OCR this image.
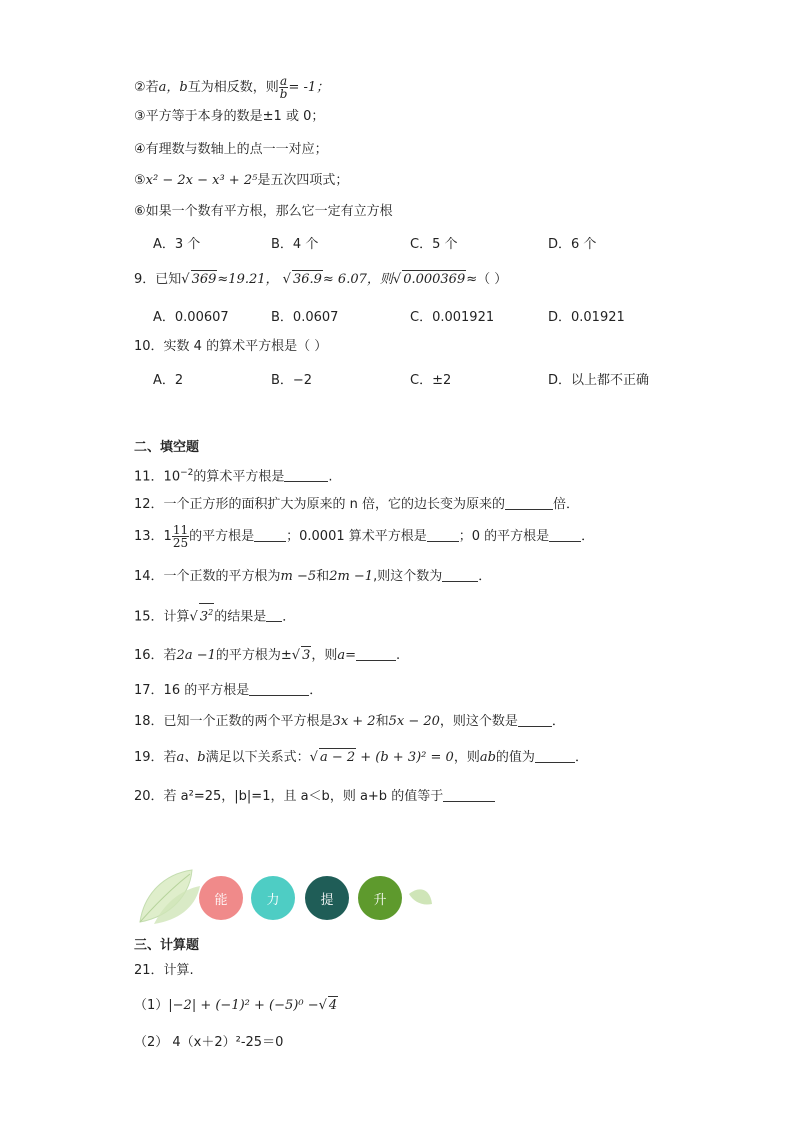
②若a，b互为相反数，则 $\frac{a}{b} = -1$；
③平方等于本身的数是±1 或 0；
④有理数与数轴上的点一一对应；
⑤x² − 2x − x³ + 2⁵是五次四项式；
⑥如果一个数有平方根，那么它一定有立方根
A．3 个	B．4 个	C．5 个	D．6 个
9．已知√ 369≈19.21， √ 36.9≈ 6.07，则√ 0.000369≈（ ）
A．0.00607	B．0.0607	C．0.001921	D．0.01921
10．实数 4 的算术平方根是（ ）
A．2	B．−2	C．±2	D．以上都不正确
二、填空题
11．$10^{-2}$的算术平方根是	.
12．一个正方形的面积扩大为原来的 n 倍，它的边长变为原来的	倍．
13．$1 \frac{11}{25}$ 的平方根是 ；0.0001 算术平方根是 ；0 的平方根是 ．
14．一个正数的平方根为m −5和2m −1,则这个数为	．
15．计算√ $3^2$的结果是 ．
16．若2a −1的平方根为±√ 3，则a=	.
17．16 的平方根是	．
18．已知一个正数的两个平方根是3x + 2和5x − 20，则这个数是	．
19．若a、b满足以下关系式：√ a − 2 + (b + 3)² = 0，则ab的值为	．
20．若 a²=25，|b|=1，且 a＜b，则 a+b 的值等于
能	力	提	升
三、计算题
21．计算.
（1）|−2| + (−1)² + (−5)⁰ −√ 4
（2） 4（x＋2）²-25＝0
